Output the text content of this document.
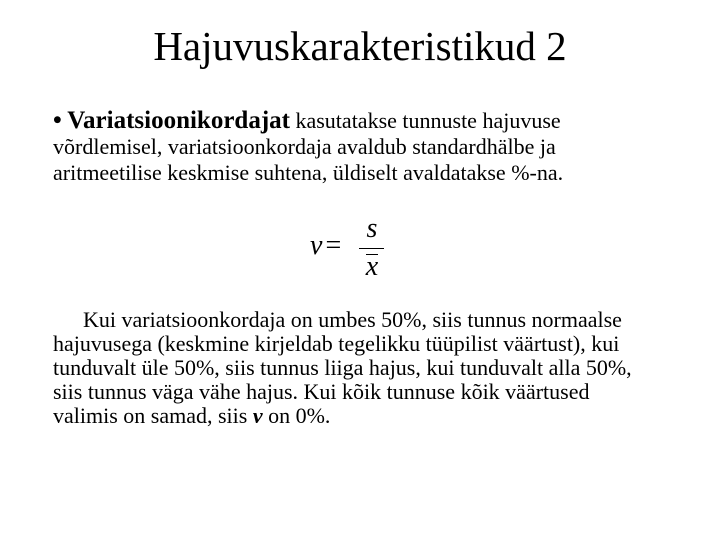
Hajuvuskarakteristikud 2

• Variatsioonikordajat kasutatakse tunnuste hajuvuse võrdlemisel, variatsioonkordaja avaldub standardhälbe ja aritmeetilise keskmise suhtena, üldiselt avaldatakse %-na.

v =
s
x

Kui variatsioonkordaja on umbes 50%, siis tunnus normaalse hajuvusega (keskmine kirjeldab tegelikku tüüpilist väärtust), kui tunduvalt üle 50%, siis tunnus liiga hajus, kui tunduvalt alla 50%, siis tunnus väga vähe hajus. Kui kõik tunnuse kõik väärtused valimis on samad, siis v on 0%.
